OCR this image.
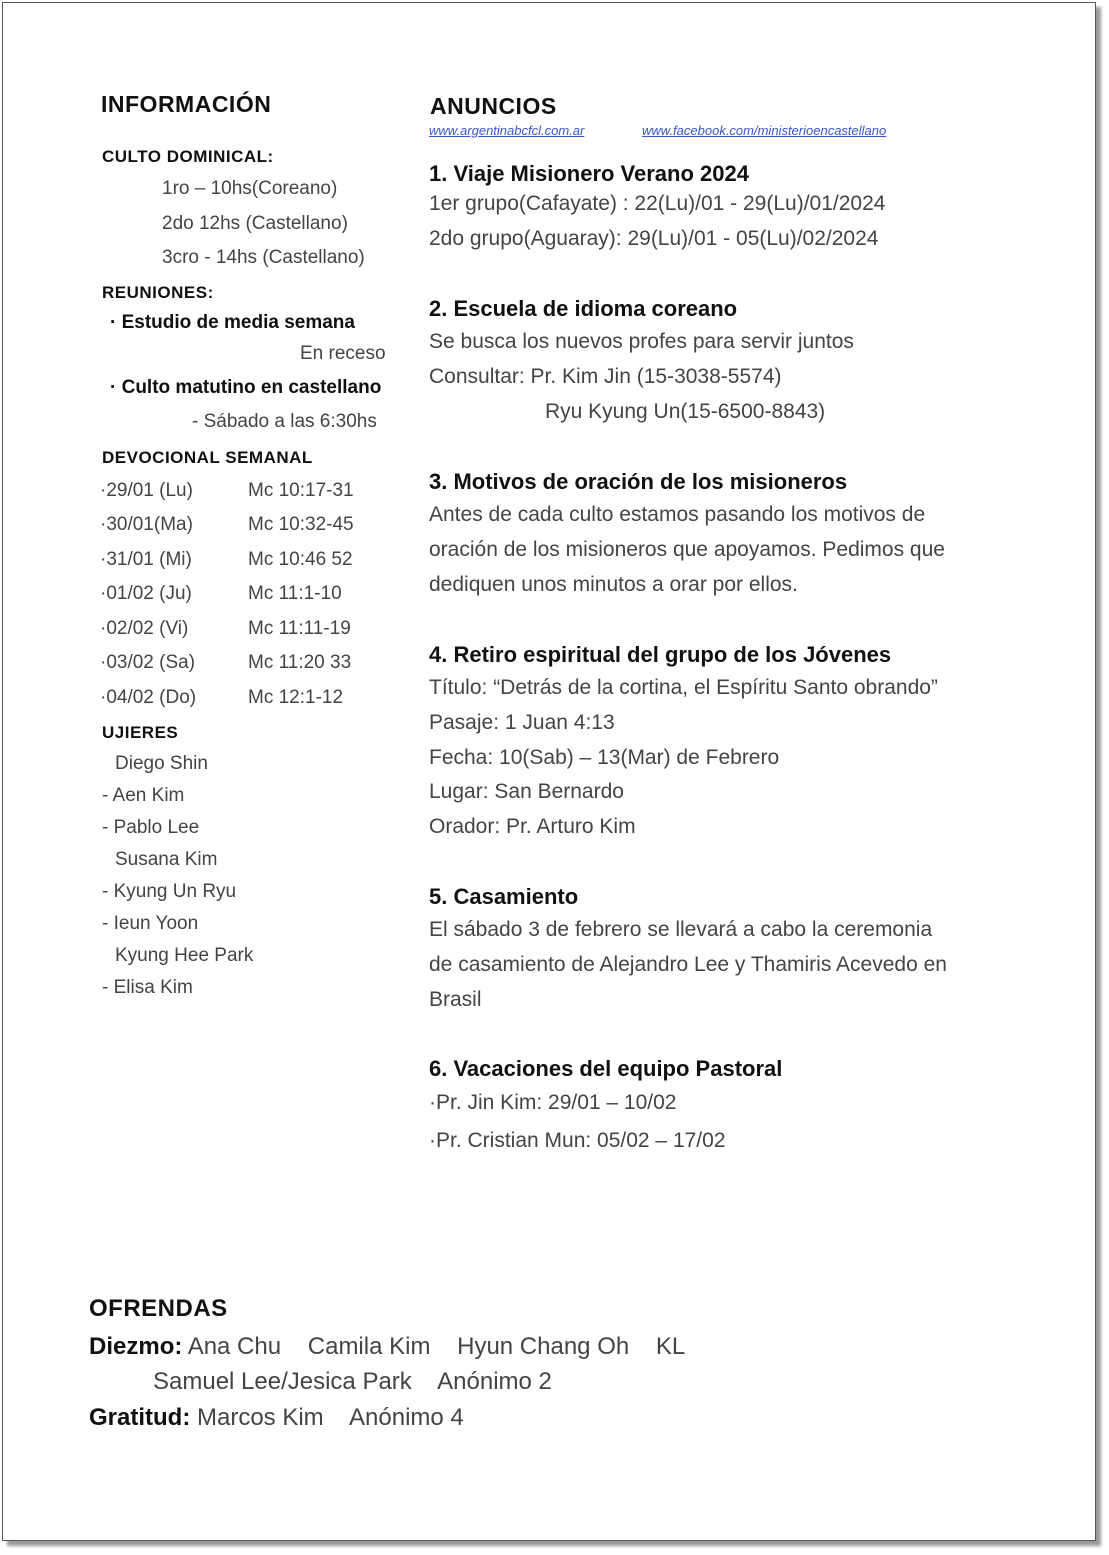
INFORMACIÓN
CULTO DOMINICAL:
1ro – 10hs(Coreano)
2do 12hs (Castellano)
3cro - 14hs (Castellano)
REUNIONES:
· Estudio de media semana
En receso
· Culto matutino en castellano
- Sábado a las 6:30hs
DEVOCIONAL SEMANAL
·29/01 (Lu)	Mc 10:17-31
·30/01(Ma)	Mc 10:32-45
·31/01 (Mi)	Mc 10:46 52
·01/02 (Ju)	Mc 11:1-10
·02/02 (Vi)	Mc 11:11-19
·03/02 (Sa)	Mc 11:20 33
·04/02 (Do)	Mc 12:1-12
UJIERES
Diego Shin
- Aen Kim
- Pablo Lee
Susana Kim
- Kyung Un Ryu
- Ieun Yoon
Kyung Hee Park
- Elisa Kim
ANUNCIOS
www.argentinabcfcl.com.ar	www.facebook.com/ministerioencastellano
1. Viaje Misionero Verano 2024
1er grupo(Cafayate) : 22(Lu)/01 - 29(Lu)/01/2024
2do grupo(Aguaray): 29(Lu)/01 - 05(Lu)/02/2024
2. Escuela de idioma coreano
Se busca los nuevos profes para servir juntos
Consultar: Pr. Kim Jin (15-3038-5574)
Ryu Kyung Un(15-6500-8843)
3. Motivos de oración de los misioneros
Antes de cada culto estamos pasando los motivos de
oración de los misioneros que apoyamos. Pedimos que
dediquen unos minutos a orar por ellos.
4. Retiro espiritual del grupo de los Jóvenes
Título: “Detrás de la cortina, el Espíritu Santo obrando”
Pasaje: 1 Juan 4:13
Fecha: 10(Sab) – 13(Mar) de Febrero
Lugar: San Bernardo
Orador: Pr. Arturo Kim
5. Casamiento
El sábado 3 de febrero se llevará a cabo la ceremonia
de casamiento de Alejandro Lee y Thamiris Acevedo en
Brasil
6. Vacaciones del equipo Pastoral
·Pr. Jin Kim: 29/01 – 10/02
·Pr. Cristian Mun: 05/02 – 17/02
OFRENDAS
Diezmo: Ana Chu    Camila Kim    Hyun Chang Oh    KL
Samuel Lee/Jesica Park    Anónimo 2
Gratitud: Marcos Kim    Anónimo 4
